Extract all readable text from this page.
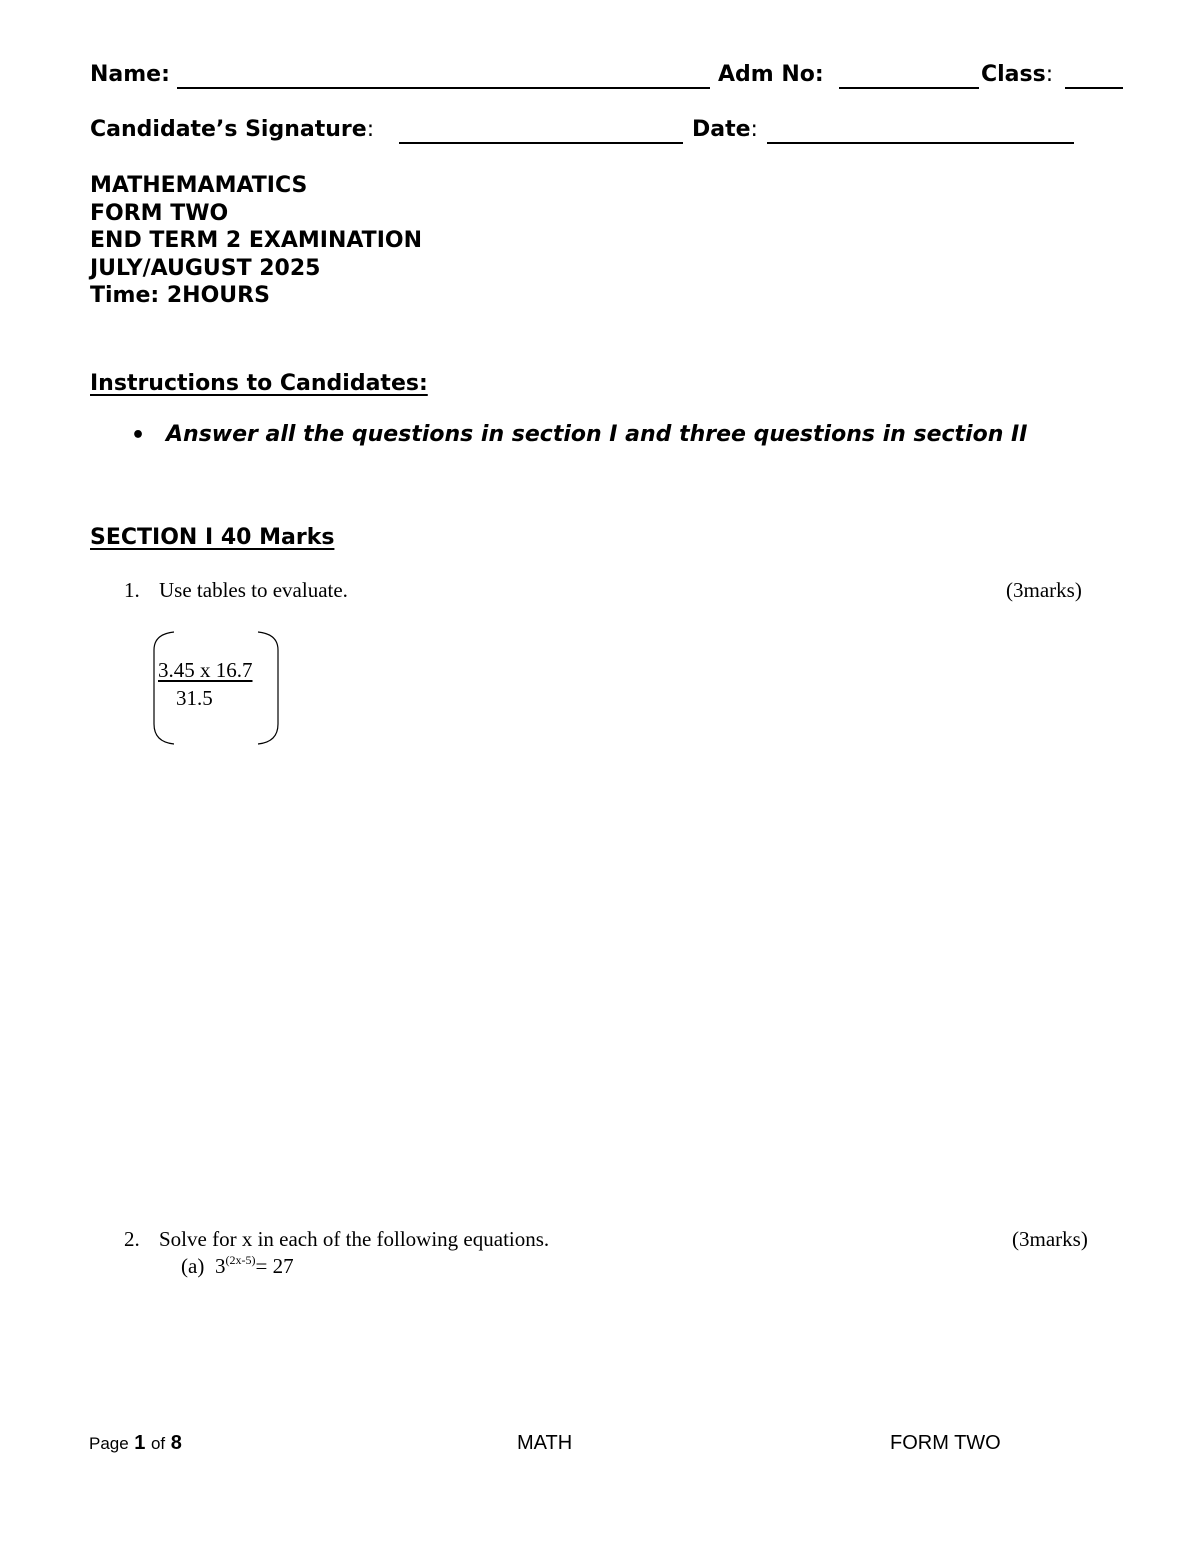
Name:	Adm No:	Class:
Candidate’s Signature:	Date:
MATHEMAMATICS
FORM TWO
END TERM 2 EXAMINATION
JULY/AUGUST 2025
Time: 2HOURS
Instructions to Candidates:
• Answer all the questions in section I and three questions in section II
SECTION I 40 Marks
1. Use tables to evaluate.	(3marks)
3.45 x 16.7
31.5
2. Solve for x in each of the following equations.	(3marks)
(a) $3^{(2x-5)}= 27$
Page 1 of 8	MATH	FORM TWO
